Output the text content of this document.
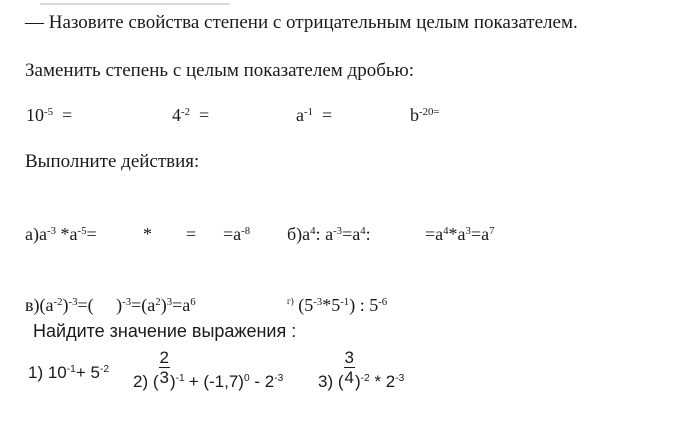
— Назовите свойства степени с отрицательным целым показателем.
Заменить степень с целым показателем дробью:
$10^{-5}$ =	$4^{-2}$ =	$a^{-1}$ =	$b^{-20=}$
Выполните действия:
$а)a^{-3}$ $*a^{-5}=$	* = $=a^{-8}$ $б)a^4$: $a^{-3}=a^4$:	$=a^4*a^3=a^7$
$в)(a^{-2})^{-3}=$( )$^{-3}=(a^2)^3=a^6$	$^{г)}$ $(5^{-3}*5^{-1})$ : $5^{-6}$
Найдите значение выражения :
1) $10^{-1}+ 5^{-2}$
2) ( $\frac{2}{3} )^{-1} + (-1,7)^0 - 2^{-3}$ 3) ( $\frac{3}{4} )^{-2} * 2^{-3}$
